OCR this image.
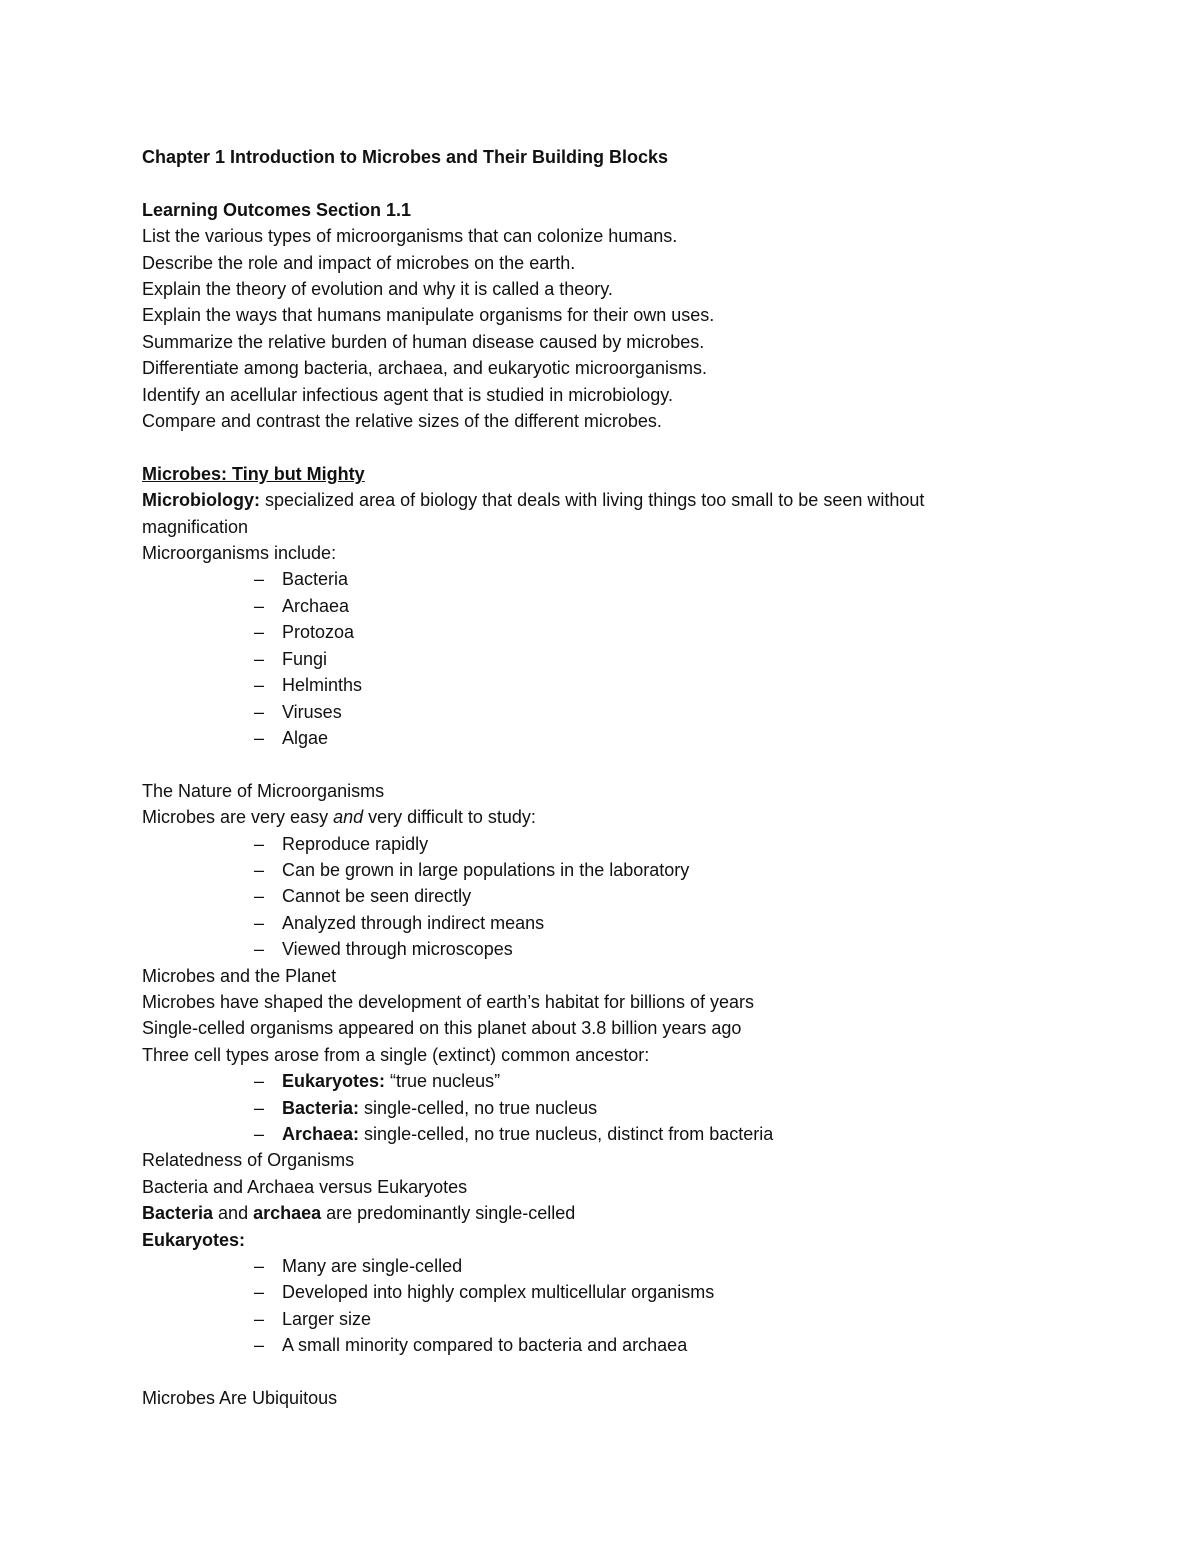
Chapter 1 Introduction to Microbes and Their Building Blocks
Learning Outcomes Section 1.1
List the various types of microorganisms that can colonize humans.
Describe the role and impact of microbes on the earth.
Explain the theory of evolution and why it is called a theory.
Explain the ways that humans manipulate organisms for their own uses.
Summarize the relative burden of human disease caused by microbes.
Differentiate among bacteria, archaea, and eukaryotic microorganisms.
Identify an acellular infectious agent that is studied in microbiology.
Compare and contrast the relative sizes of the different microbes.
Microbes: Tiny but Mighty
Microbiology: specialized area of biology that deals with living things too small to be seen without magnification
Microorganisms include:
– Bacteria
– Archaea
– Protozoa
– Fungi
– Helminths
– Viruses
– Algae
The Nature of Microorganisms
Microbes are very easy and very difficult to study:
– Reproduce rapidly
– Can be grown in large populations in the laboratory
– Cannot be seen directly
– Analyzed through indirect means
– Viewed through microscopes
Microbes and the Planet
Microbes have shaped the development of earth’s habitat for billions of years
Single-celled organisms appeared on this planet about 3.8 billion years ago
Three cell types arose from a single (extinct) common ancestor:
– Eukaryotes: “true nucleus”
– Bacteria: single-celled, no true nucleus
– Archaea: single-celled, no true nucleus, distinct from bacteria
Relatedness of Organisms
Bacteria and Archaea versus Eukaryotes
Bacteria and archaea are predominantly single-celled
Eukaryotes:
– Many are single-celled
– Developed into highly complex multicellular organisms
– Larger size
– A small minority compared to bacteria and archaea
Microbes Are Ubiquitous
